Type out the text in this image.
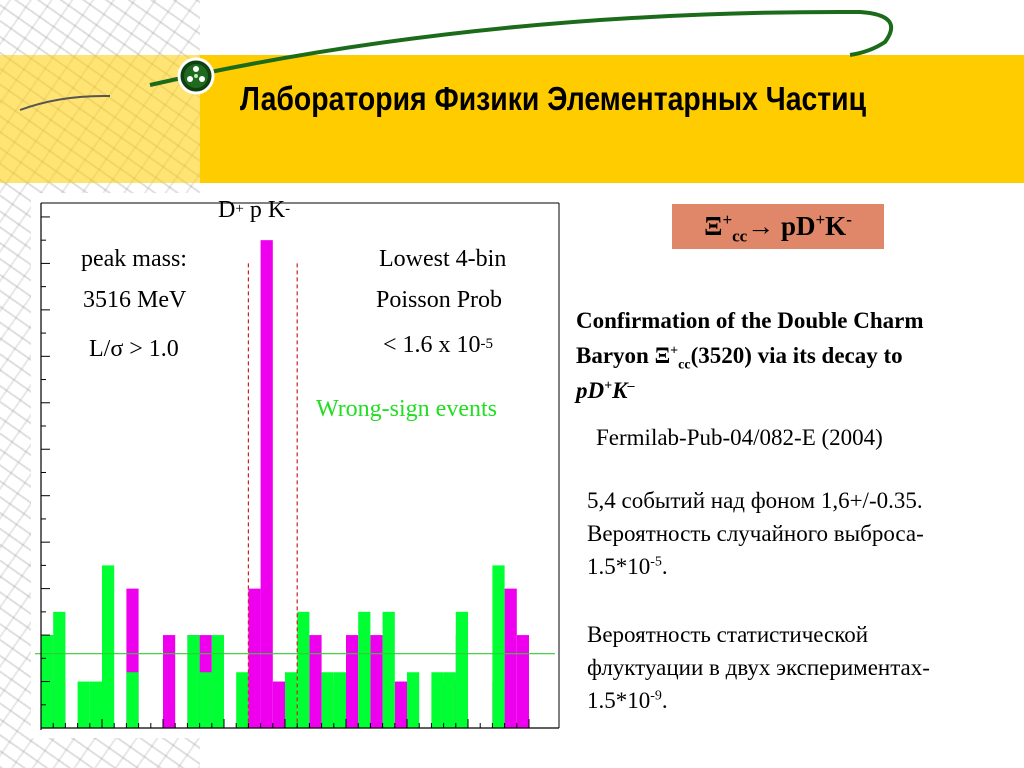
Лаборатория Физики Элементарных Частиц
D+ p K-
peak mass:
3516 MeV
L/σ > 1.0
Lowest 4-bin
Poisson Prob
< 1.6 x $10^{-5}$
Wrong-sign events
$\Xi^+_{cc}\to pD^+K^-$
Confirmation of the Double Charm
Baryon $\Xi^+_{cc}(3520)$ via its decay to
pD+K–
Fermilab-Pub-04/082-E (2004)
5,4 событий над фоном 1,6+/-0.35.
Вероятность случайного выброса-
$1.5*10^{-5}$.
Вероятность статистической
флуктуации в двух экспериментах-
$1.5*10^{-9}$.
